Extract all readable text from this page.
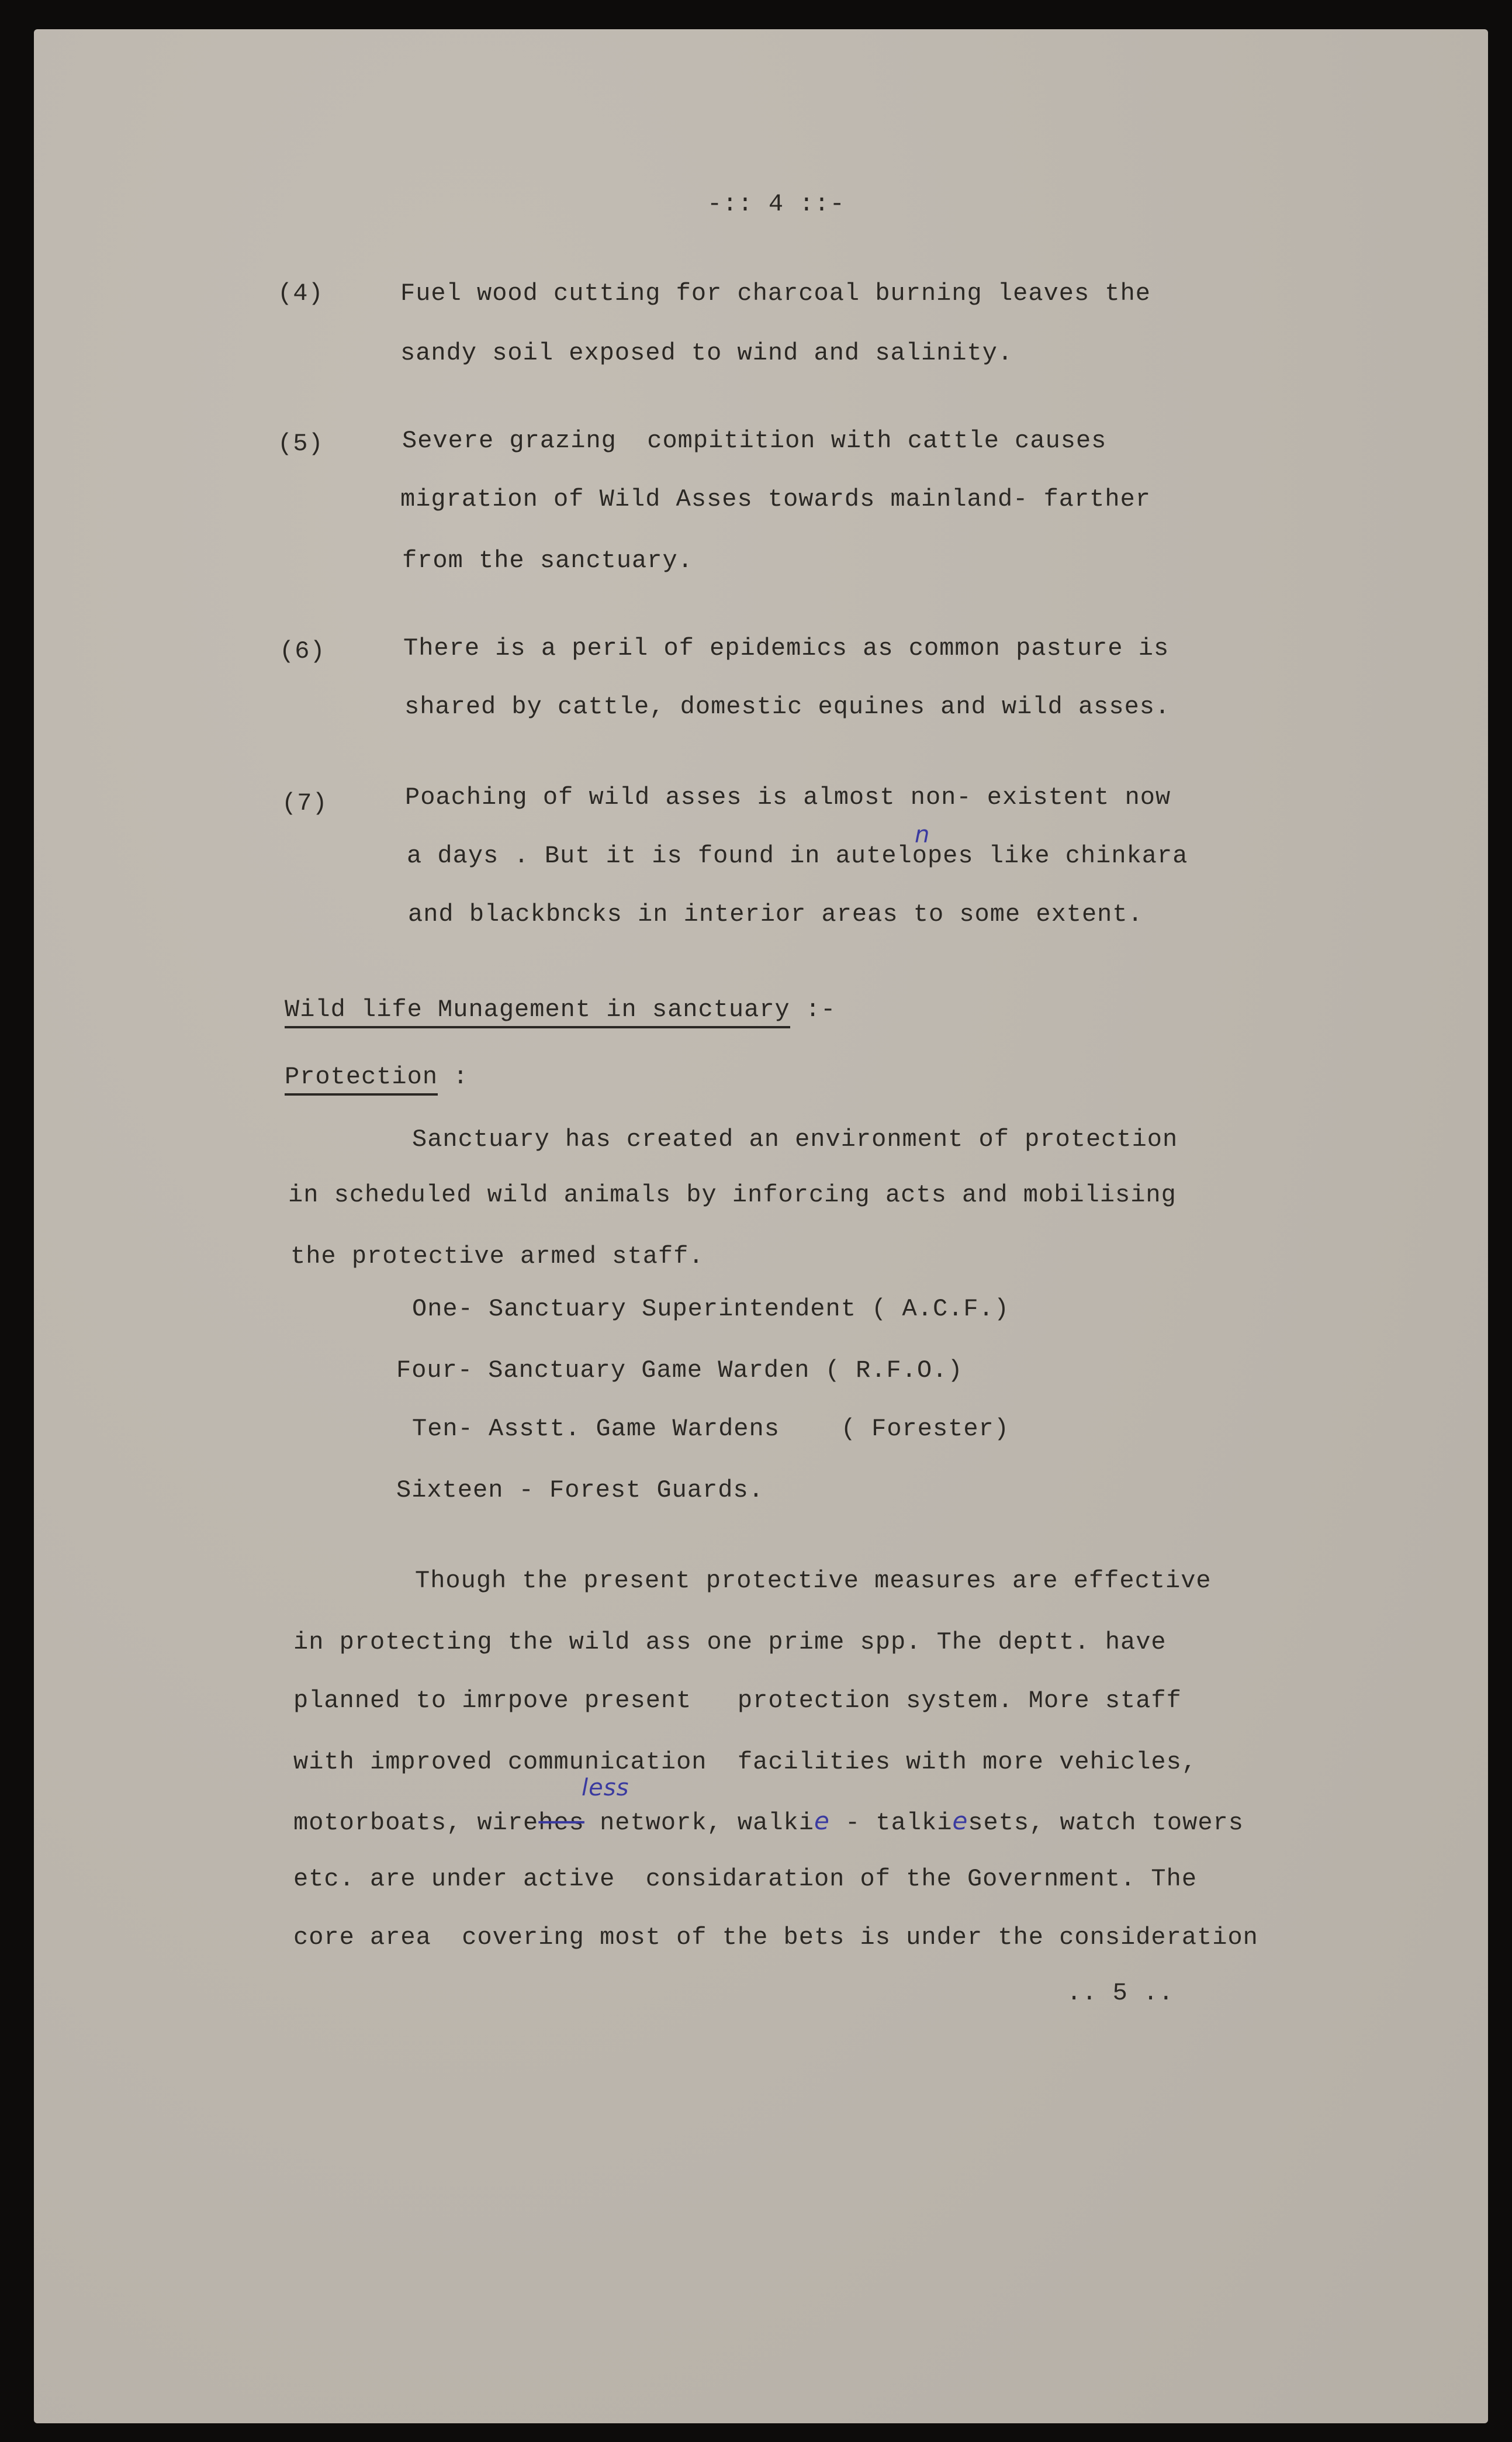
-:: 4 ::-
(4)	Fuel wood cutting for charcoal burning leaves the
sandy soil exposed to wind and salinity.
(5)	Severe grazing  compitition with cattle causes
migration of Wild Asses towards mainland- farther
from the sanctuary.
(6)	There is a peril of epidemics as common pasture is
shared by cattle, domestic equines and wild asses.
(7)	Poaching of wild asses is almost non- existent now
a days . But it is found in autelopes like chinkara
n
and blackbncks in interior areas to some extent.
Wild life Munagement in sanctuary :-
Protection :
Sanctuary has created an environment of protection
in scheduled wild animals by inforcing acts and mobilising
the protective armed staff.
One- Sanctuary Superintendent ( A.C.F.)
Four- Sanctuary Game Warden ( R.F.O.)
Ten- Asstt. Game Wardens    ( Forester)
Sixteen - Forest Guards.
Though the present protective measures are effective
in protecting the wild ass one prime spp. The deptt. have
planned to imrpove present   protection system. More staff
with improved communication  facilities with more vehicles,
motorboats, wirehes network, walkie - talkiesets, watch towers
less
etc. are under active  considaration of the Government. The
core area  covering most of the bets is under the consideration
.. 5 ..
